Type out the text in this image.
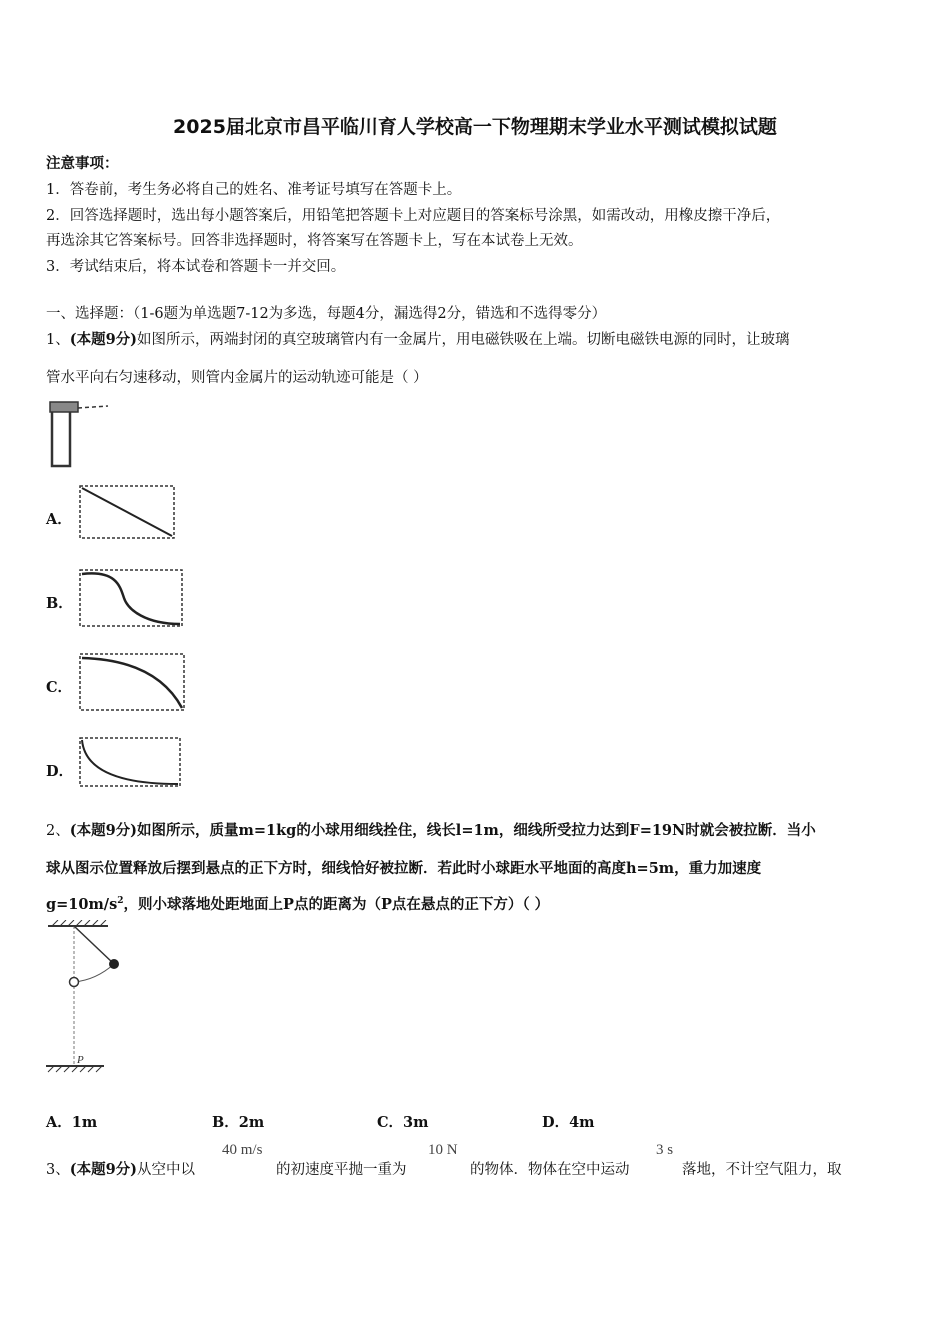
2025届北京市昌平临川育人学校高一下物理期末学业水平测试模拟试题
注意事项：
1．答卷前，考生务必将自己的姓名、准考证号填写在答题卡上。
2．回答选择题时，选出每小题答案后，用铅笔把答题卡上对应题目的答案标号涂黑，如需改动，用橡皮擦干净后，
再选涂其它答案标号。回答非选择题时，将答案写在答题卡上，写在本试卷上无效。
3．考试结束后，将本试卷和答题卡一并交回。
一、选择题：（1-6题为单选题7-12为多选，每题4分，漏选得2分，错选和不选得零分）
1、(本题9分)如图所示，两端封闭的真空玻璃管内有一金属片，用电磁铁吸在上端。切断电磁铁电源的同时，让玻璃
管水平向右匀速移动，则管内金属片的运动轨迹可能是（ ）
A．
B．
C．
D．
2、(本题9分)如图所示，质量m=1kg的小球用细线拴住，线长l=1m，细线所受拉力达到F=19N时就会被拉断．当小
球从图示位置释放后摆到悬点的正下方时，细线恰好被拉断．若此时小球距水平地面的高度h=5m，重力加速度
$g=10m/s^2$，则小球落地处距地面上P点的距离为（P点在悬点的正下方）（ ）
P
A．1m	B．2m	C．3m	D．4m
3、(本题9分)从空中以
40 m/s
的初速度平抛一重为
10 N
的物体．物体在空中运动
3 s
落地，不计空气阻力，取
